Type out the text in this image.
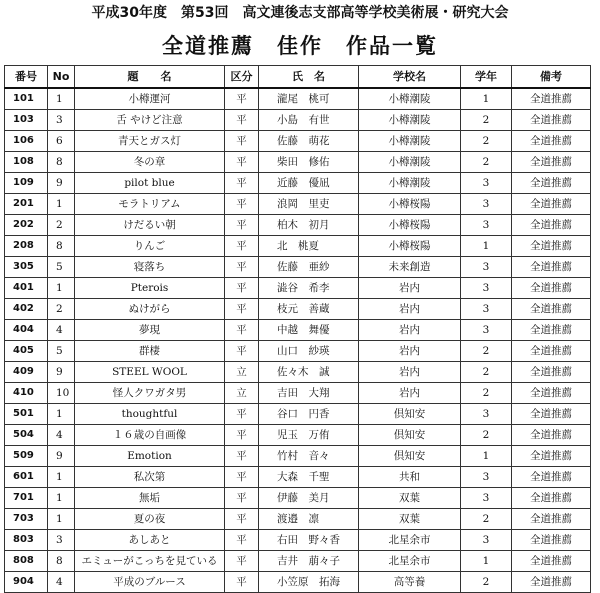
平成30年度　第53回　高文連後志支部高等学校美術展・研究大会
全道推薦　佳作　作品一覧
番号	No	題　　名	区分	氏　名	学校名	学年	備考
101	1	小樽運河	平	瀧尾　桃可	小樽潮陵	1	全道推薦
103	3	舌 やけど注意	平	小島　有世	小樽潮陵	2	全道推薦
106	6	青天とガス灯	平	佐藤　萌花	小樽潮陵	2	全道推薦
108	8	冬の章	平	柴田　修佑	小樽潮陵	2	全道推薦
109	9	pilot blue	平	近藤　優凪	小樽潮陵	3	全道推薦
201	1	モラトリアム	平	浪岡　里吏	小樽桜陽	3	全道推薦
202	2	けだるい朝	平	柏木　初月	小樽桜陽	3	全道推薦
208	8	りんご	平	北　桃夏	小樽桜陽	1	全道推薦
305	5	寝落ち	平	佐藤　亜紗	未来創造	3	全道推薦
401	1	Pterois	平	澁谷　希李	岩内	3	全道推薦
402	2	ぬけがら	平	枝元　善蔵	岩内	3	全道推薦
404	4	夢現	平	中越　舞優	岩内	3	全道推薦
405	5	群棲	平	山口　紗瑛	岩内	2	全道推薦
409	9	STEEL WOOL	立	佐々木　誠	岩内	2	全道推薦
410	10	怪人クワガタ男	立	吉田　大翔	岩内	2	全道推薦
501	1	thoughtful	平	谷口　円香	倶知安	3	全道推薦
504	4	１６歳の自画像	平	児玉　万侑	倶知安	2	全道推薦
509	9	Emotion	平	竹村　音々	倶知安	1	全道推薦
601	1	私次第	平	大森　千聖	共和	3	全道推薦
701	1	無垢	平	伊藤　美月	双葉	3	全道推薦
703	1	夏の夜	平	渡邉　凛	双葉	2	全道推薦
803	3	あしあと	平	右田　野々香	北星余市	3	全道推薦
808	8	エミューがこっちを見ている	平	吉井　萠々子	北星余市	1	全道推薦
904	4	平成のブルース	平	小笠原　拓海	高等養	2	全道推薦
